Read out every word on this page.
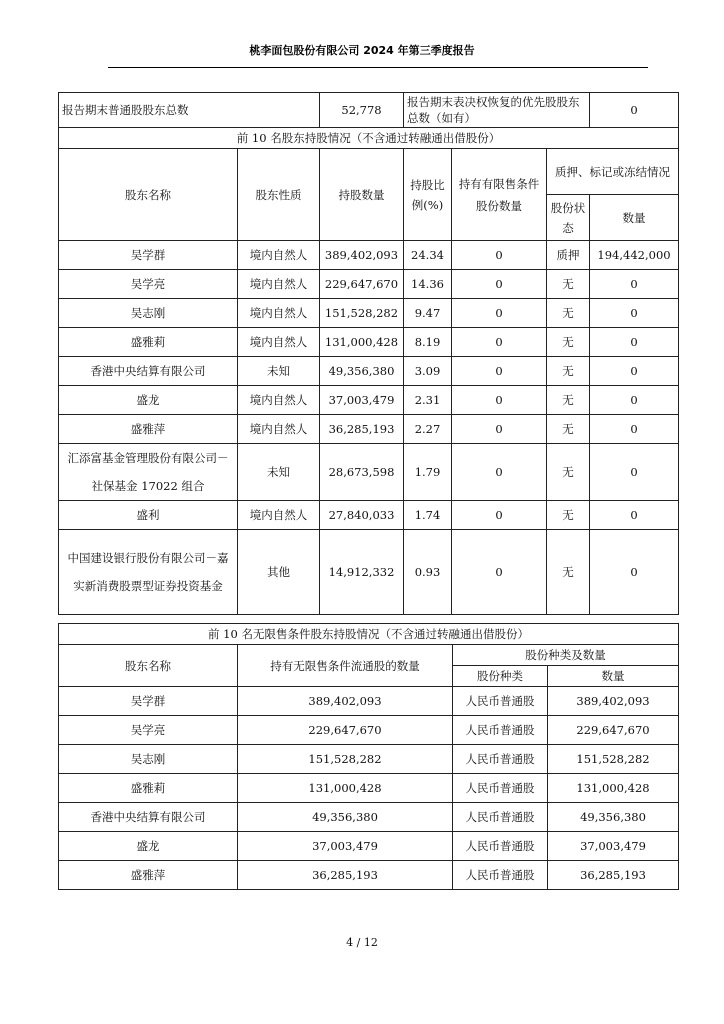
桃李面包股份有限公司 2024 年第三季度报告
报告期末普通股股东总数		52,778	报告期末表决权恢复的优先股股东总数（如有）			0
前 10 名股东持股情况（不含通过转融通出借股份）						
股东名称	股东性质	持股数量	持股比例(%)	持有有限售条件股份数量	质押、标记或冻结情况	
					股份状态	数量
吴学群	境内自然人	389,402,093	24.34	0	质押	194,442,000
吴学亮	境内自然人	229,647,670	14.36	0	无	0
吴志刚	境内自然人	151,528,282	9.47	0	无	0
盛雅莉	境内自然人	131,000,428	8.19	0	无	0
香港中央结算有限公司	未知	49,356,380	3.09	0	无	0
盛龙	境内自然人	37,003,479	2.31	0	无	0
盛雅萍	境内自然人	36,285,193	2.27	0	无	0
汇添富基金管理股份有限公司－社保基金 17022 组合	未知	28,673,598	1.79	0	无	0
盛利	境内自然人	27,840,033	1.74	0	无	0
中国建设银行股份有限公司－嘉实新消费股票型证券投资基金	其他	14,912,332	0.93	0	无	0
前 10 名无限售条件股东持股情况（不含通过转融通出借股份）			
股东名称	持有无限售条件流通股的数量	股份种类及数量	
		股份种类	数量
吴学群	389,402,093	人民币普通股	389,402,093
吴学亮	229,647,670	人民币普通股	229,647,670
吴志刚	151,528,282	人民币普通股	151,528,282
盛雅莉	131,000,428	人民币普通股	131,000,428
香港中央结算有限公司	49,356,380	人民币普通股	49,356,380
盛龙	37,003,479	人民币普通股	37,003,479
盛雅萍	36,285,193	人民币普通股	36,285,193
4 / 12
